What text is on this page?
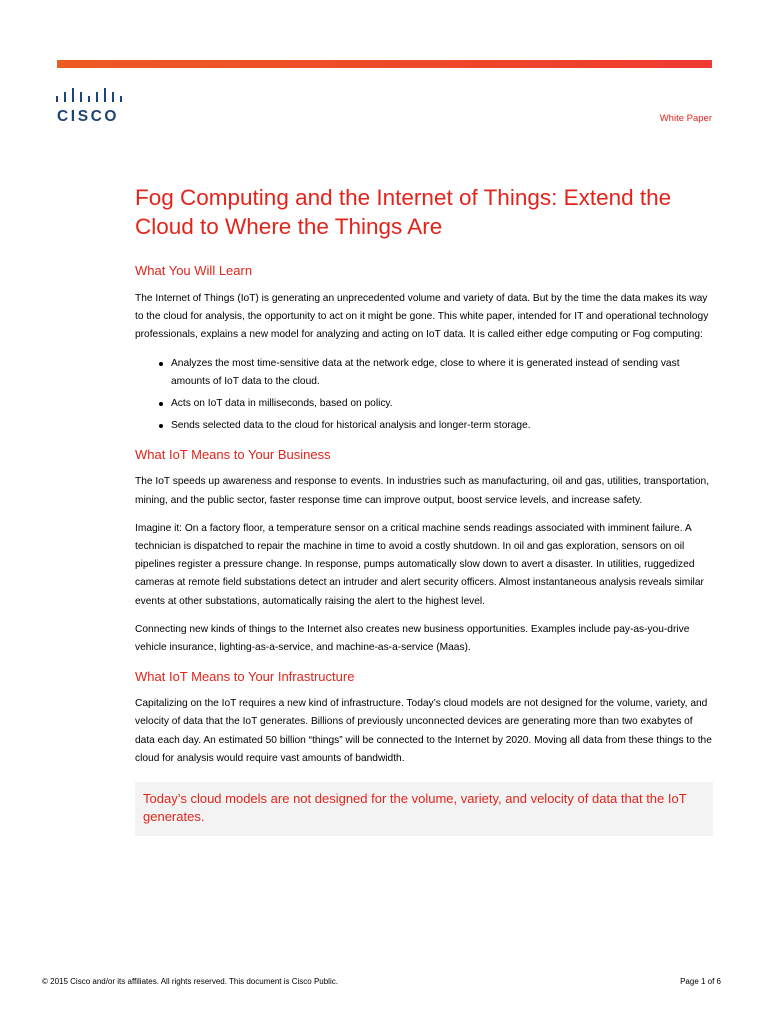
CISCO	White Paper
Fog Computing and the Internet of Things: Extend the Cloud to Where the Things Are
What You Will Learn

The Internet of Things (IoT) is generating an unprecedented volume and variety of data. But by the time the data makes its way to the cloud for analysis, the opportunity to act on it might be gone. This white paper, intended for IT and operational technology professionals, explains a new model for analyzing and acting on IoT data. It is called either edge computing or Fog computing:

Analyzes the most time-sensitive data at the network edge, close to where it is generated instead of sending vast amounts of IoT data to the cloud.
Acts on IoT data in milliseconds, based on policy.
Sends selected data to the cloud for historical analysis and longer-term storage.
What IoT Means to Your Business

The IoT speeds up awareness and response to events. In industries such as manufacturing, oil and gas, utilities, transportation, mining, and the public sector, faster response time can improve output, boost service levels, and increase safety.

Imagine it: On a factory floor, a temperature sensor on a critical machine sends readings associated with imminent failure. A technician is dispatched to repair the machine in time to avoid a costly shutdown. In oil and gas exploration, sensors on oil pipelines register a pressure change. In response, pumps automatically slow down to avert a disaster. In utilities, ruggedized cameras at remote field substations detect an intruder and alert security officers. Almost instantaneous analysis reveals similar events at other substations, automatically raising the alert to the highest level.

Connecting new kinds of things to the Internet also creates new business opportunities. Examples include pay-as-you-drive vehicle insurance, lighting-as-a-service, and machine-as-a-service (Maas).

What IoT Means to Your Infrastructure

Capitalizing on the IoT requires a new kind of infrastructure. Today’s cloud models are not designed for the volume, variety, and velocity of data that the IoT generates. Billions of previously unconnected devices are generating more than two exabytes of data each day. An estimated 50 billion “things” will be connected to the Internet by 2020. Moving all data from these things to the cloud for analysis would require vast amounts of bandwidth.

Today’s cloud models are not designed for the volume, variety, and velocity of data that the IoT generates.
© 2015 Cisco and/or its affiliates. All rights reserved. This document is Cisco Public.	Page 1 of 6
